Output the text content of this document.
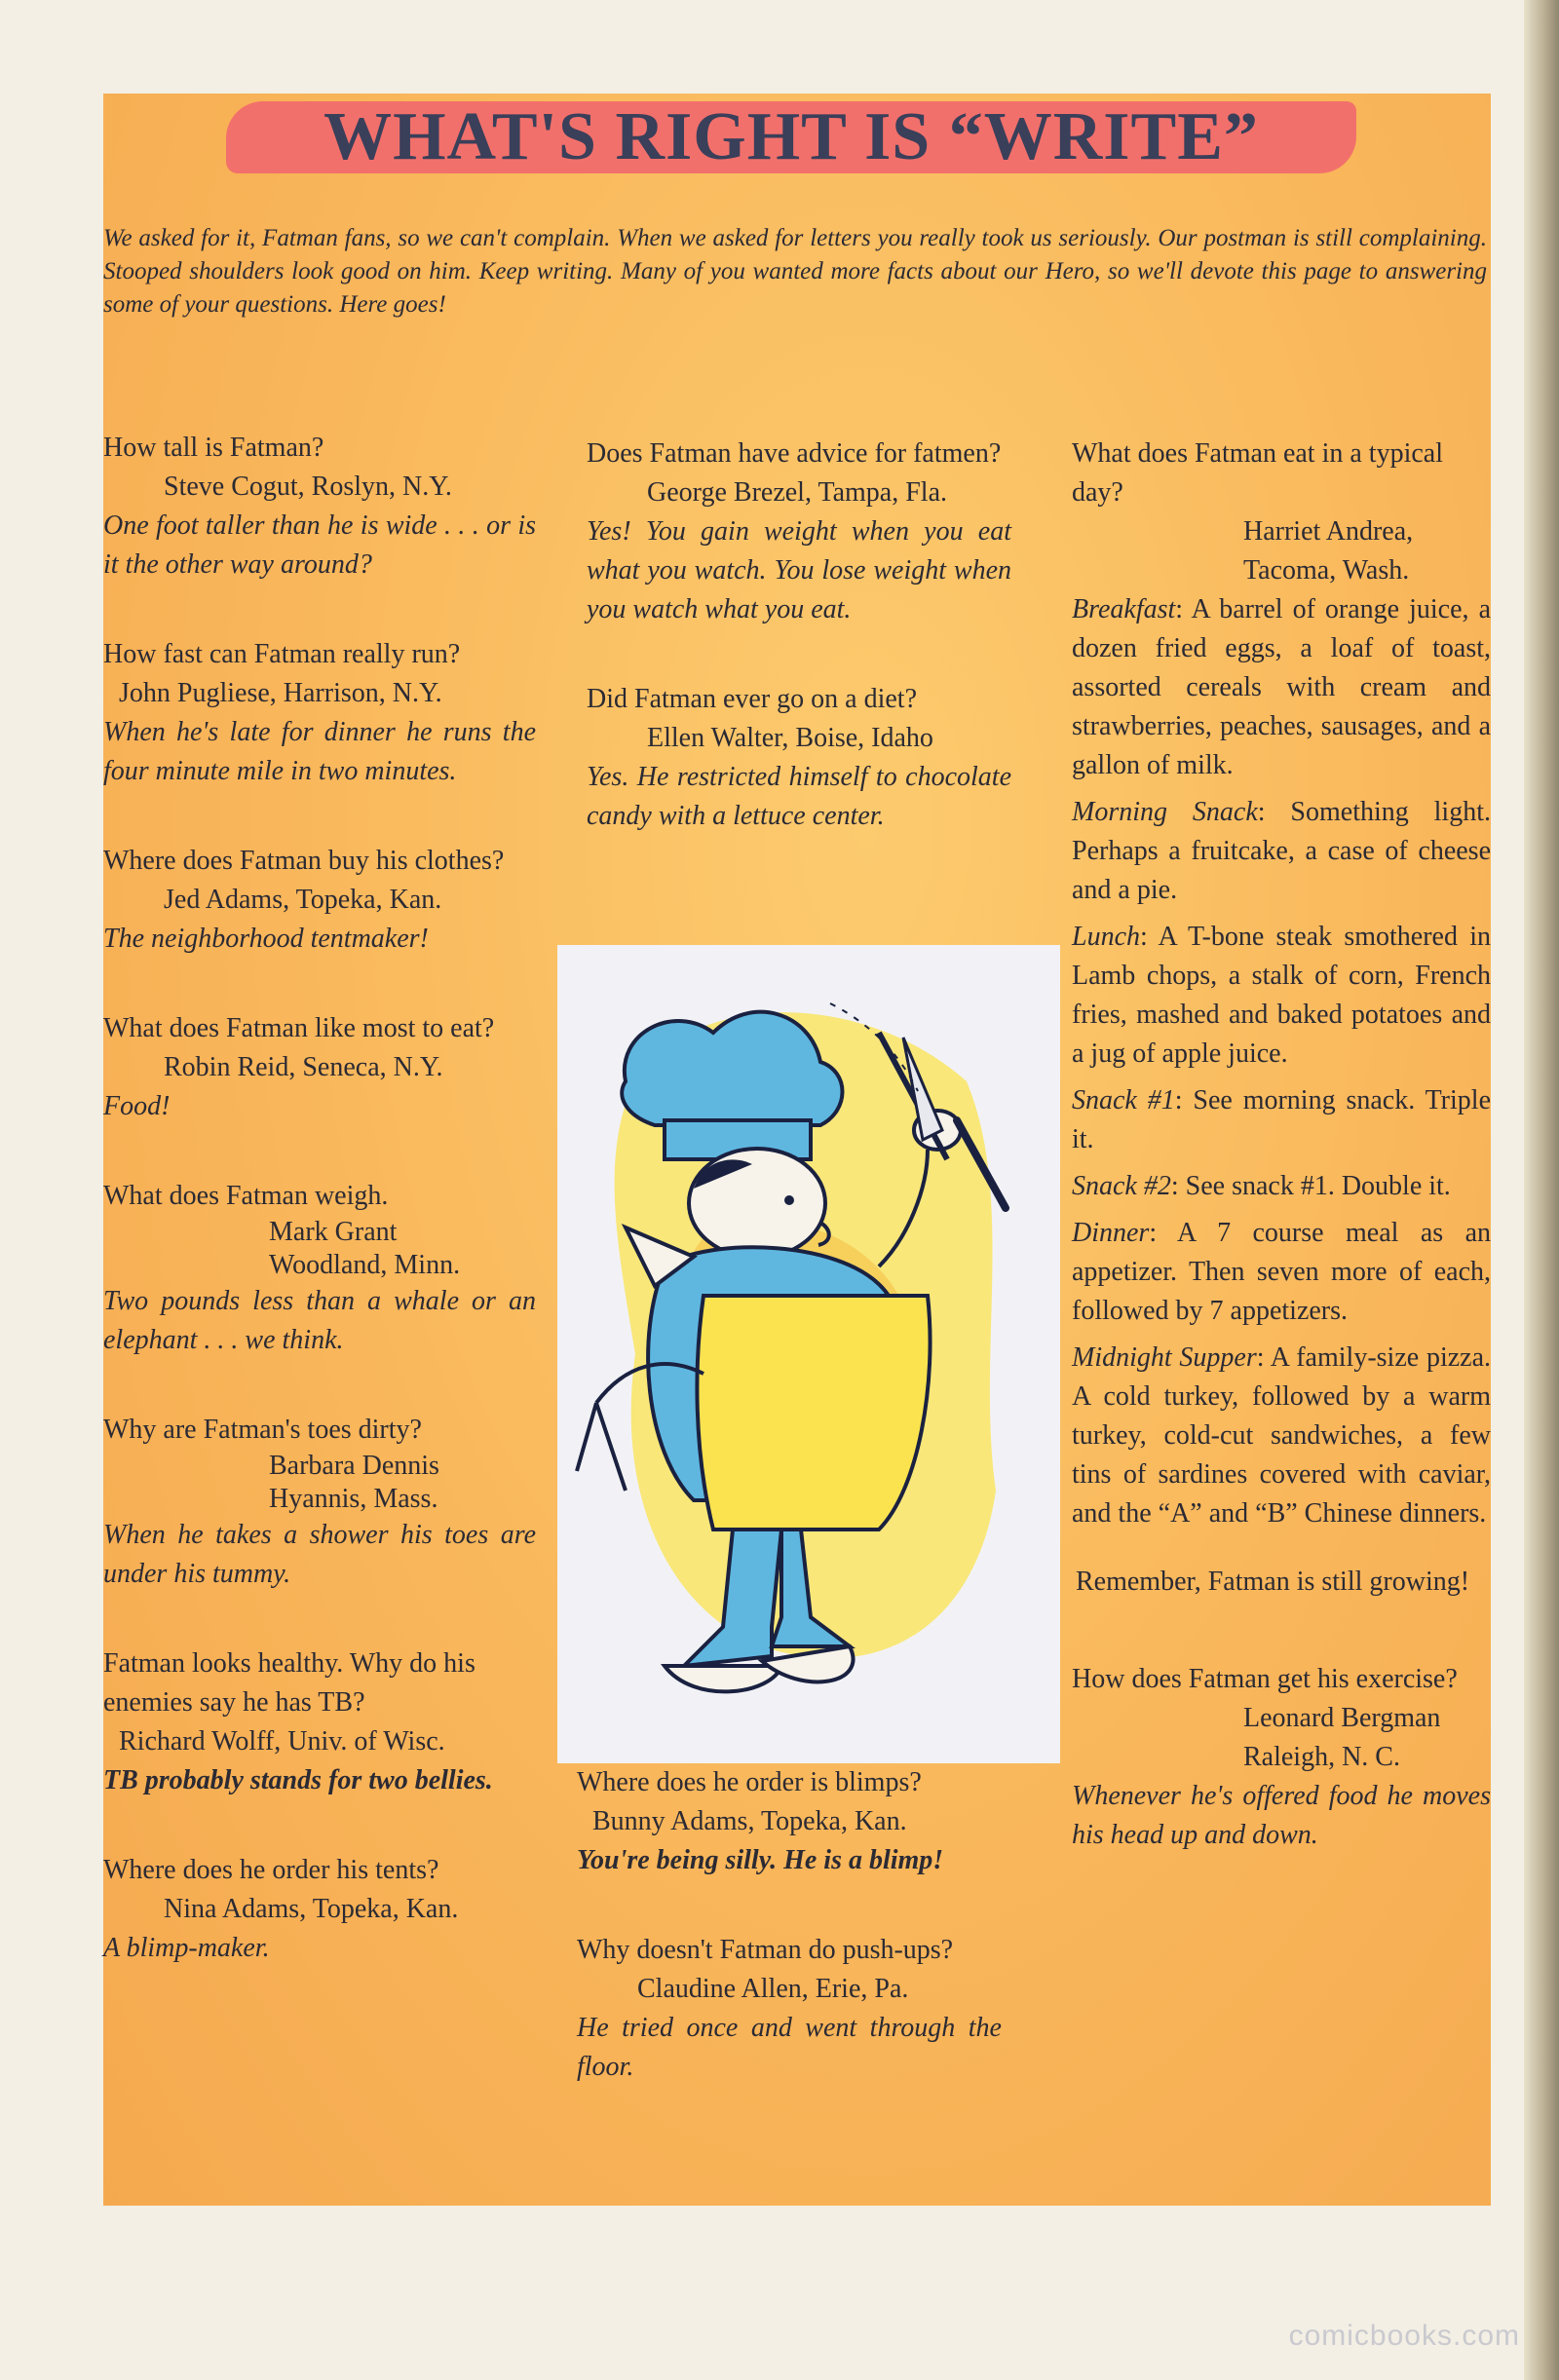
WHAT'S RIGHT IS “WRITE”

We asked for it, Fatman fans, so we can't complain. When we asked for letters you really took us seriously. Our postman is still complaining. Stooped shoulders look good on him. Keep writing. Many of you wanted more facts about our Hero, so we'll devote this page to answering some of your questions. Here goes!

How tall is Fatman?

Steve Cogut, Roslyn, N.Y.

One foot taller than he is wide . . . or is it the other way around?

How fast can Fatman really run?

John Pugliese, Harrison, N.Y.

When he's late for dinner he runs the four minute mile in two minutes.

Where does Fatman buy his clothes?

Jed Adams, Topeka, Kan.

The neighborhood tentmaker!

What does Fatman like most to eat?

Robin Reid, Seneca, N.Y.

Food!

What does Fatman weigh.

Mark Grant

Woodland, Minn.

Two pounds less than a whale or an elephant . . . we think.

Why are Fatman's toes dirty?

Barbara Dennis

Hyannis, Mass.

When he takes a shower his toes are under his tummy.

Fatman looks healthy. Why do his enemies say he has TB?

Richard Wolff, Univ. of Wisc.

TB probably stands for two bellies.

Where does he order his tents?

Nina Adams, Topeka, Kan.

A blimp-maker.

Does Fatman have advice for fatmen?

George Brezel, Tampa, Fla.

Yes! You gain weight when you eat what you watch. You lose weight when you watch what you eat.

Did Fatman ever go on a diet?

Ellen Walter, Boise, Idaho

Yes. He restricted himself to chocolate candy with a lettuce center.

Where does he order is blimps?

Bunny Adams, Topeka, Kan.

You're being silly. He is a blimp!

Why doesn't Fatman do push-ups?

Claudine Allen, Erie, Pa.

He tried once and went through the floor.

What does Fatman eat in a typical day?

Harriet Andrea,

Tacoma, Wash.

Breakfast: A barrel of orange juice, a dozen fried eggs, a loaf of toast, assorted cereals with cream and strawberries, peaches, sausages, and a gallon of milk.

Morning Snack: Something light. Perhaps a fruitcake, a case of cheese and a pie.

Lunch: A T-bone steak smothered in Lamb chops, a stalk of corn, French fries, mashed and baked potatoes and a jug of apple juice.

Snack #1: See morning snack. Triple it.

Snack #2: See snack #1. Double it.

Dinner: A 7 course meal as an appetizer. Then seven more of each, followed by 7 appetizers.

Midnight Supper: A family-size pizza. A cold turkey, followed by a warm turkey, cold-cut sandwiches, a few tins of sardines covered with caviar, and the “A” and “B” Chinese dinners.

Remember, Fatman is still growing!

How does Fatman get his exercise?

Leonard Bergman

Raleigh, N. C.

Whenever he's offered food he moves his head up and down.

comicbooks.com
